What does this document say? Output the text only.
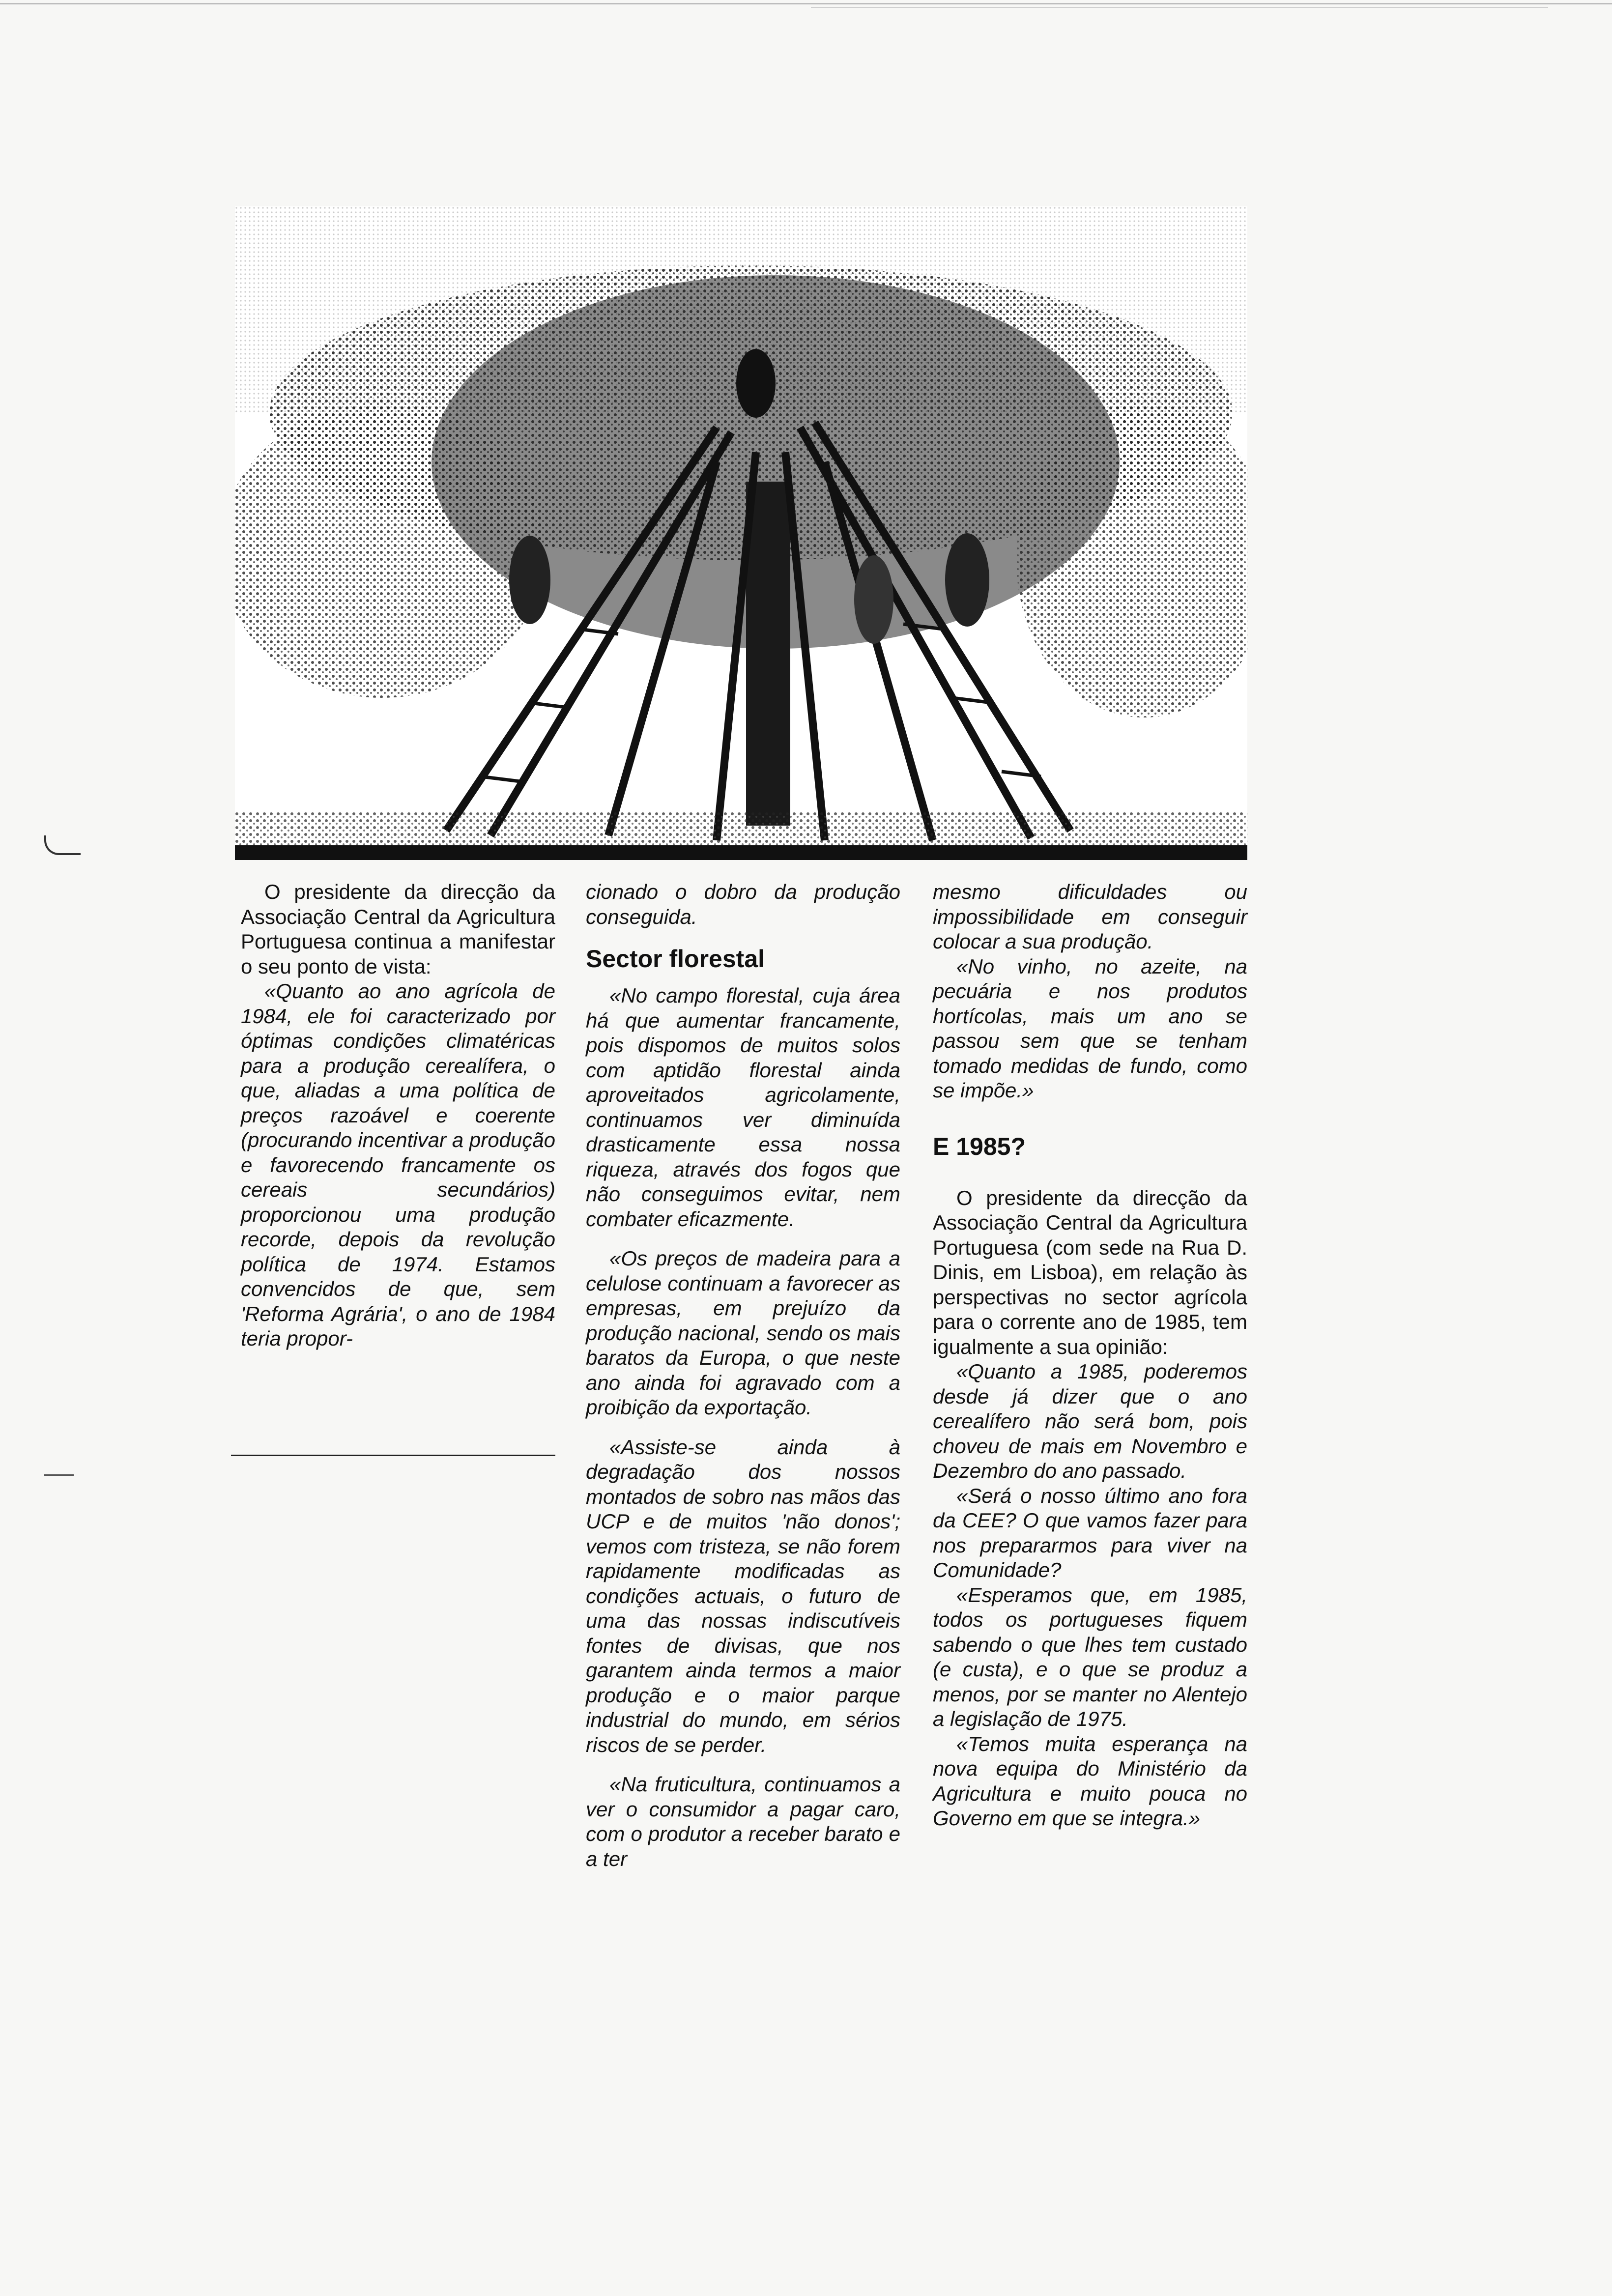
O presidente da direcção da Associação Central da Agricultura Portuguesa continua a manifestar o seu ponto de vista:

«Quanto ao ano agrícola de 1984, ele foi caracterizado por óptimas condições climatéricas para a produção cerealífera, o que, aliadas a uma política de preços razoável e coerente (procurando incentivar a produção e favorecendo francamente os cereais secundários) proporcionou uma produção recorde, depois da revolução política de 1974. Estamos convencidos de que, sem 'Reforma Agrária', o ano de 1984 teria propor-

cionado o dobro da produção conseguida.

Sector florestal

«No campo florestal, cuja área há que aumentar francamente, pois dispomos de muitos solos com aptidão florestal ainda aproveitados agricolamente, continuamos ver diminuída drasticamente essa nossa riqueza, através dos fogos que não conseguimos evitar, nem combater eficazmente.

«Os preços de madeira para a celulose continuam a favorecer as empresas, em prejuízo da produção nacional, sendo os mais baratos da Europa, o que neste ano ainda foi agravado com a proibição da exportação.

«Assiste-se ainda à degradação dos nossos montados de sobro nas mãos das UCP e de muitos 'não donos'; vemos com tristeza, se não forem rapidamente modificadas as condições actuais, o futuro de uma das nossas indiscutíveis fontes de divisas, que nos garantem ainda termos a maior produção e o maior parque industrial do mundo, em sérios riscos de se perder.

«Na fruticultura, continuamos a ver o consumidor a pagar caro, com o produtor a receber barato e a ter

mesmo dificuldades ou impossibilidade em conseguir colocar a sua produção.

«No vinho, no azeite, na pecuária e nos produtos hortícolas, mais um ano se passou sem que se tenham tomado medidas de fundo, como se impõe.»

E 1985?

O presidente da direcção da Associação Central da Agricultura Portuguesa (com sede na Rua D. Dinis, em Lisboa), em relação às perspectivas no sector agrícola para o corrente ano de 1985, tem igualmente a sua opinião:

«Quanto a 1985, poderemos desde já dizer que o ano cerealífero não será bom, pois choveu de mais em Novembro e Dezembro do ano passado.

«Será o nosso último ano fora da CEE? O que vamos fazer para nos prepararmos para viver na Comunidade?

«Esperamos que, em 1985, todos os portugueses fiquem sabendo o que lhes tem custado (e custa), e o que se produz a menos, por se manter no Alentejo a legislação de 1975.

«Temos muita esperança na nova equipa do Ministério da Agricultura e muito pouca no Governo em que se integra.»
